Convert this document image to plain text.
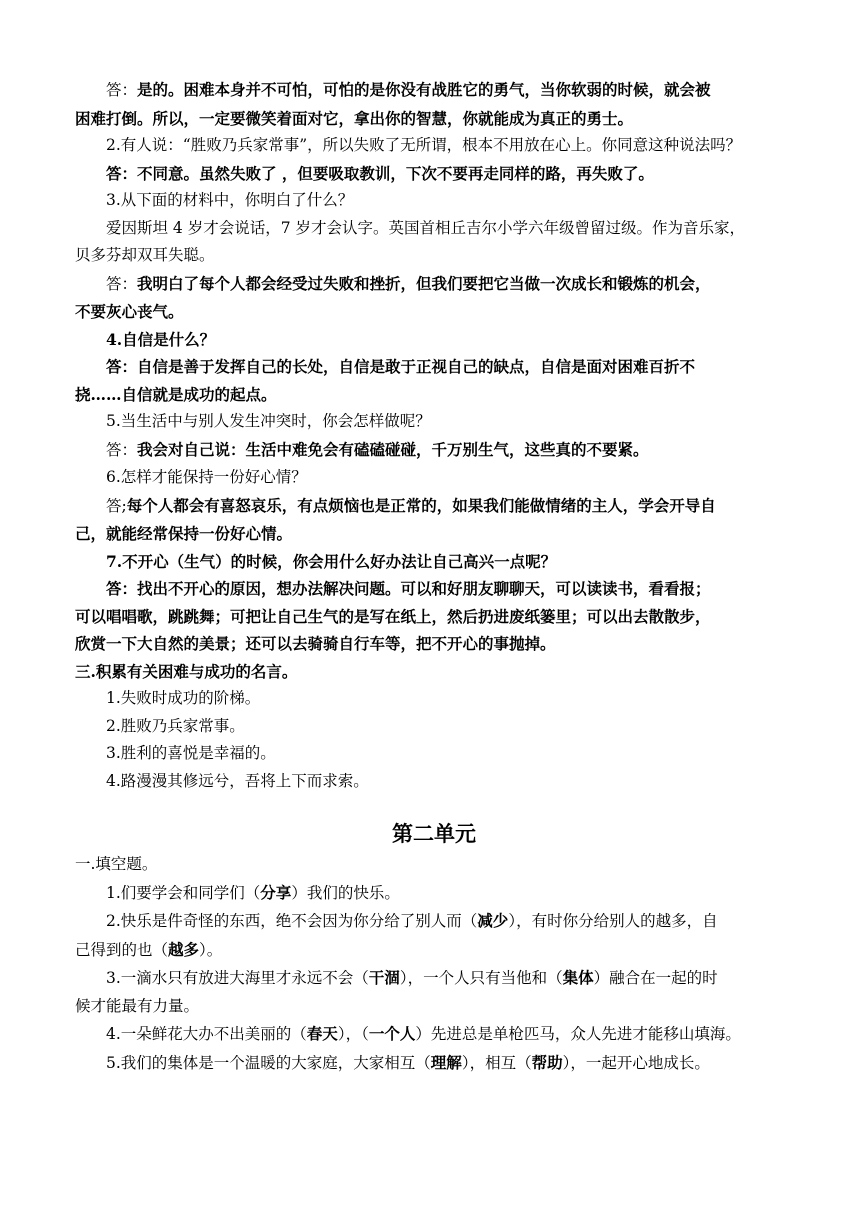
答：是的。困难本身并不可怕，可怕的是你没有战胜它的勇气，当你软弱的时候，就会被
困难打倒。所以，一定要微笑着面对它，拿出你的智慧，你就能成为真正的勇士。
2.有人说：“胜败乃兵家常事”，所以失败了无所谓，根本不用放在心上。你同意这种说法吗？
答：不同意。虽然失败了 ，但要吸取教训，下次不要再走同样的路，再失败了。
3.从下面的材料中，你明白了什么？
爱因斯坦 4 岁才会说话，7 岁才会认字。英国首相丘吉尔小学六年级曾留过级。作为音乐家，
贝多芬却双耳失聪。
答：我明白了每个人都会经受过失败和挫折，但我们要把它当做一次成长和锻炼的机会，
不要灰心丧气。
4.自信是什么？
答：自信是善于发挥自己的长处，自信是敢于正视自己的缺点，自信是面对困难百折不
挠……自信就是成功的起点。
5.当生活中与别人发生冲突时，你会怎样做呢？
答：我会对自己说：生活中难免会有磕磕碰碰，千万别生气，这些真的不要紧。
6.怎样才能保持一份好心情？
答;每个人都会有喜怒哀乐，有点烦恼也是正常的，如果我们能做情绪的主人，学会开导自
己，就能经常保持一份好心情。
7.不开心（生气）的时候，你会用什么好办法让自己高兴一点呢？
答：找出不开心的原因，想办法解决问题。可以和好朋友聊聊天，可以读读书，看看报；
可以唱唱歌，跳跳舞；可把让自己生气的是写在纸上，然后扔进废纸篓里；可以出去散散步，
欣赏一下大自然的美景；还可以去骑骑自行车等，把不开心的事抛掉。
三.积累有关困难与成功的名言。
1.失败时成功的阶梯。
2.胜败乃兵家常事。
3.胜利的喜悦是幸福的。
4.路漫漫其修远兮，吾将上下而求索。
第二单元
一.填空题。
1.们要学会和同学们（分享）我们的快乐。
2.快乐是件奇怪的东西，绝不会因为你分给了别人而（减少），有时你分给别人的越多，自
己得到的也（越多）。
3.一滴水只有放进大海里才永远不会（干涸），一个人只有当他和（集体）融合在一起的时
候才能最有力量。
4.一朵鲜花大办不出美丽的（春天），（一个人）先进总是单枪匹马，众人先进才能移山填海。
5.我们的集体是一个温暖的大家庭，大家相互（理解），相互（帮助），一起开心地成长。
